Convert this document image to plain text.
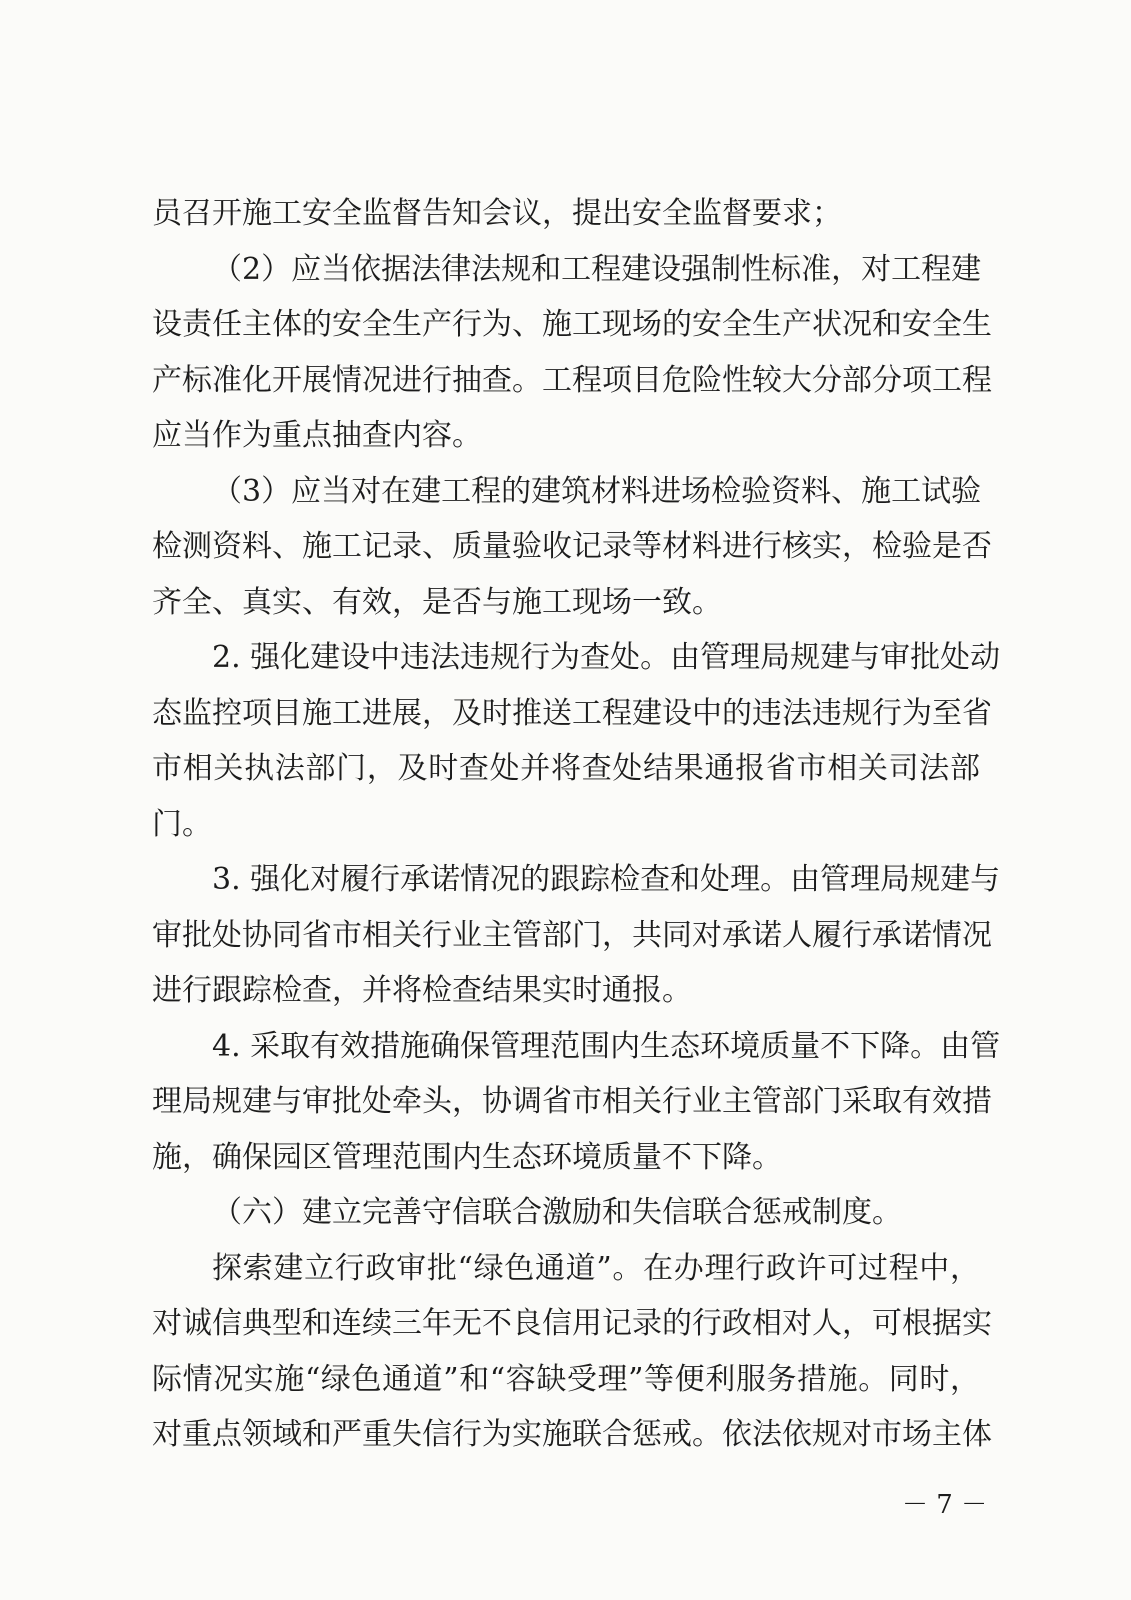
员召开施工安全监督告知会议，提出安全监督要求；
（2）应当依据法律法规和工程建设强制性标准，对工程建
设责任主体的安全生产行为、施工现场的安全生产状况和安全生
产标准化开展情况进行抽查。工程项目危险性较大分部分项工程
应当作为重点抽查内容。
（3）应当对在建工程的建筑材料进场检验资料、施工试验
检测资料、施工记录、质量验收记录等材料进行核实，检验是否
齐全、真实、有效，是否与施工现场一致。
2. 强化建设中违法违规行为查处。由管理局规建与审批处动
态监控项目施工进展，及时推送工程建设中的违法违规行为至省
市相关执法部门，及时查处并将查处结果通报省市相关司法部
门。
3. 强化对履行承诺情况的跟踪检查和处理。由管理局规建与
审批处协同省市相关行业主管部门，共同对承诺人履行承诺情况
进行跟踪检查，并将检查结果实时通报。
4. 采取有效措施确保管理范围内生态环境质量不下降。由管
理局规建与审批处牵头，协调省市相关行业主管部门采取有效措
施，确保园区管理范围内生态环境质量不下降。
（六）建立完善守信联合激励和失信联合惩戒制度。
探索建立行政审批“绿色通道”。在办理行政许可过程中，
对诚信典型和连续三年无不良信用记录的行政相对人，可根据实
际情况实施“绿色通道”和“容缺受理”等便利服务措施。同时，
对重点领域和严重失信行为实施联合惩戒。依法依规对市场主体
－ 7 －
